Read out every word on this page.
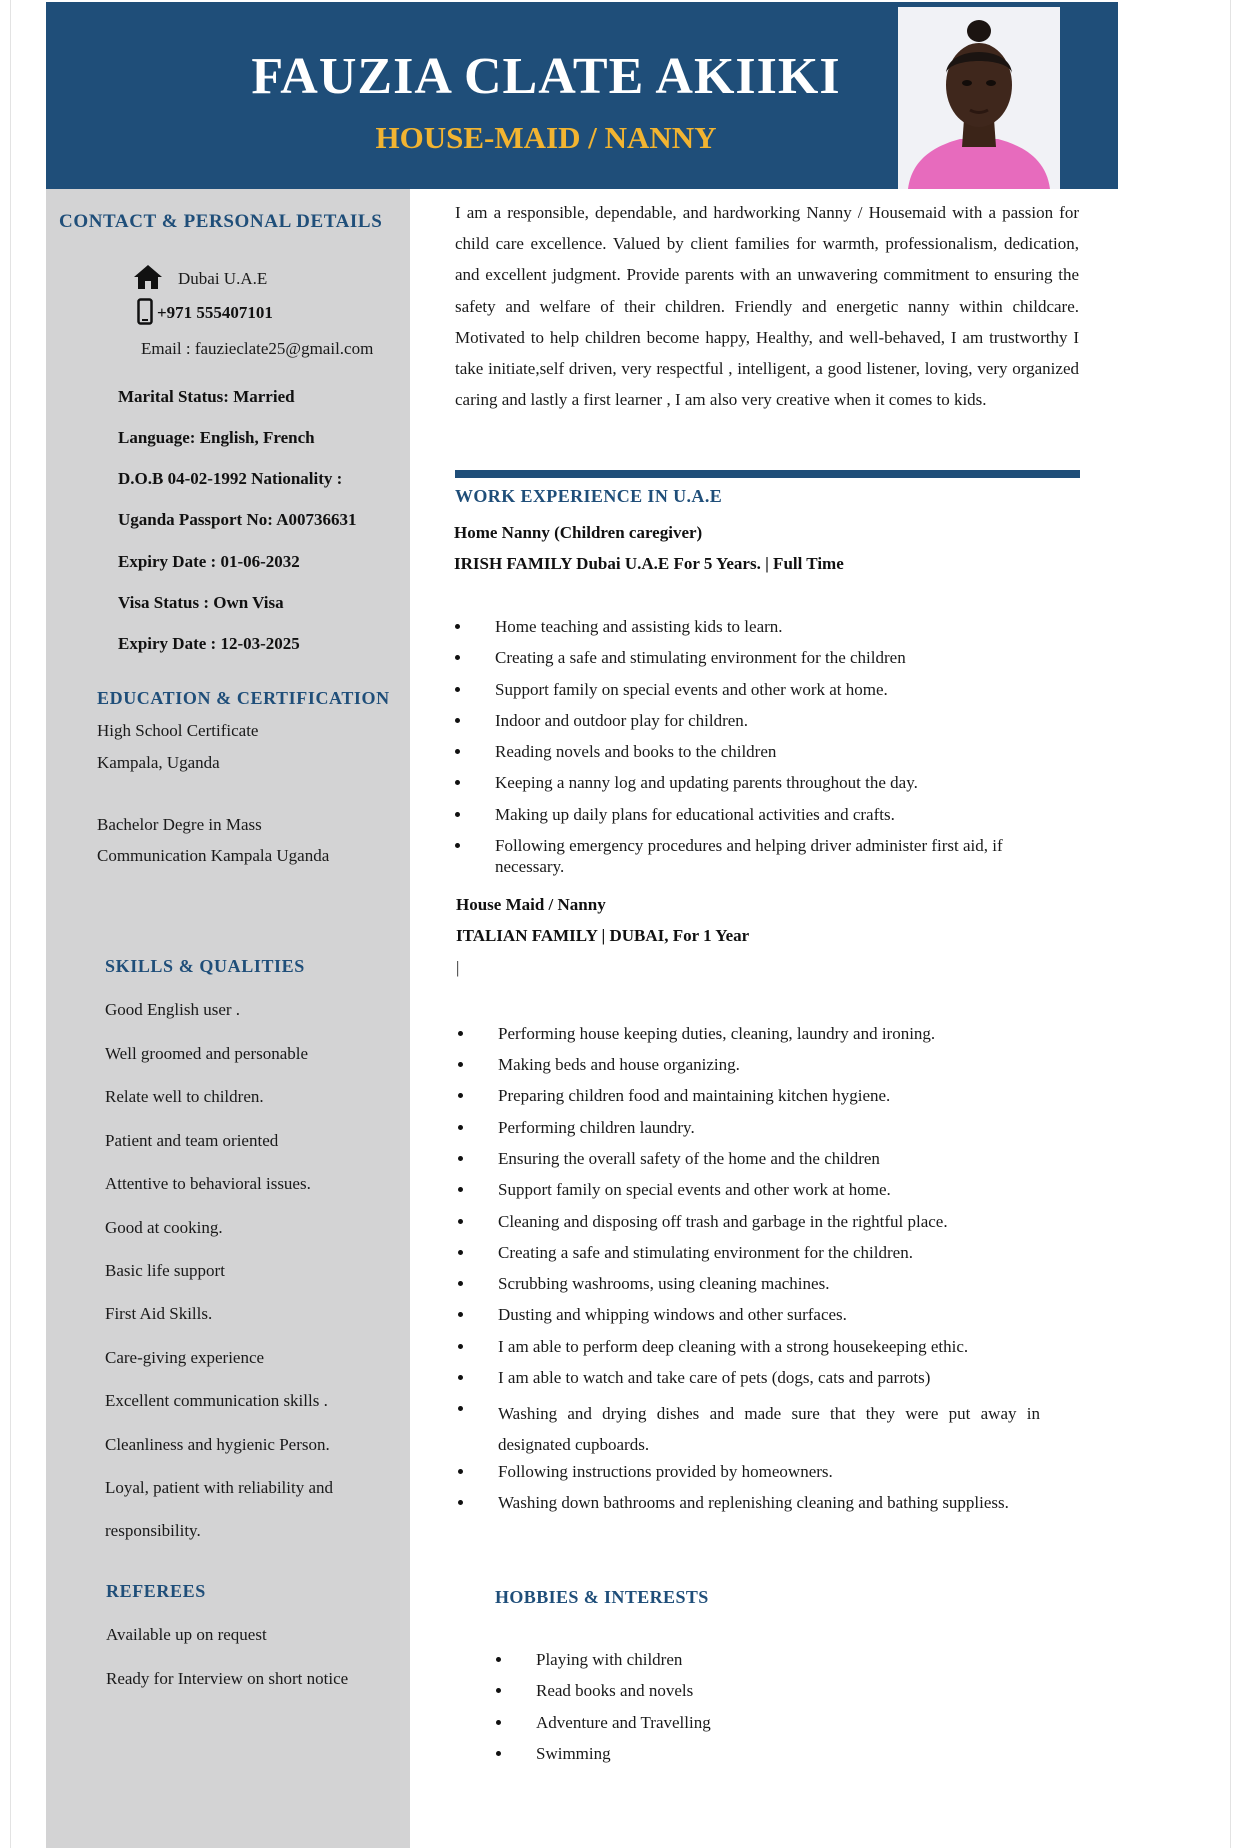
FAUZIA CLATE AKIIKI
HOUSE-MAID / NANNY
CONTACT & PERSONAL DETAILS
Dubai U.A.E
+971 555407101
Email : fauzieclate25@gmail.com
Marital Status: Married
Language: English, French
D.O.B 04-02-1992 Nationality :
Uganda Passport No: A00736631
Expiry Date : 01-06-2032
Visa Status : Own Visa
Expiry Date : 12-03-2025
EDUCATION & CERTIFICATION
High School Certificate
Kampala, Uganda
Bachelor Degre in Mass
Communication Kampala Uganda
SKILLS & QUALITIES
Good English user .
Well groomed and personable
Relate well to children.
Patient and team oriented
Attentive to behavioral issues.
Good at cooking.
Basic life support
First Aid Skills.
Care-giving experience
Excellent communication skills .
Cleanliness and hygienic Person.
Loyal, patient with reliability and
responsibility.
REFEREES
Available up on request
Ready for Interview on short notice
I am a responsible, dependable, and hardworking Nanny / Housemaid with a passion for child care excellence. Valued by client families for warmth, professionalism, dedication, and excellent judgment. Provide parents with an unwavering commitment to ensuring the safety and welfare of their children. Friendly and energetic nanny within childcare. Motivated to help children become happy, Healthy, and well-behaved, I am trustworthy I take initiate,self driven, very respectful , intelligent, a good listener, loving, very organized caring and lastly a first learner , I am also very creative when it comes to kids.
WORK EXPERIENCE IN U.A.E
Home Nanny (Children caregiver)
IRISH FAMILY Dubai U.A.E For 5 Years. | Full Time
Home teaching and assisting kids to learn.
Creating a safe and stimulating environment for the children
Support family on special events and other work at home.
Indoor and outdoor play for children.
Reading novels and books to the children
Keeping a nanny log and updating parents throughout the day.
Making up daily plans for educational activities and crafts.
Following emergency procedures and helping driver administer first aid, if necessary.
House Maid / Nanny
ITALIAN FAMILY | DUBAI, For 1 Year
|
Performing house keeping duties, cleaning, laundry and ironing.
Making beds and house organizing.
Preparing children food and maintaining kitchen hygiene.
Performing children laundry.
Ensuring the overall safety of the home and the children
Support family on special events and other work at home.
Cleaning and disposing off trash and garbage in the rightful place.
Creating a safe and stimulating environment for the children.
Scrubbing washrooms, using cleaning machines.
Dusting and whipping windows and other surfaces.
I am able to perform deep cleaning with a strong housekeeping ethic.
I am able to watch and take care of pets (dogs, cats and parrots)
Washing and drying dishes and made sure that they were put away in designated cupboards.
Following instructions provided by homeowners.
Washing down bathrooms and replenishing cleaning and bathing suppliess.
HOBBIES & INTERESTS
Playing with children
Read books and novels
Adventure and Travelling
Swimming
